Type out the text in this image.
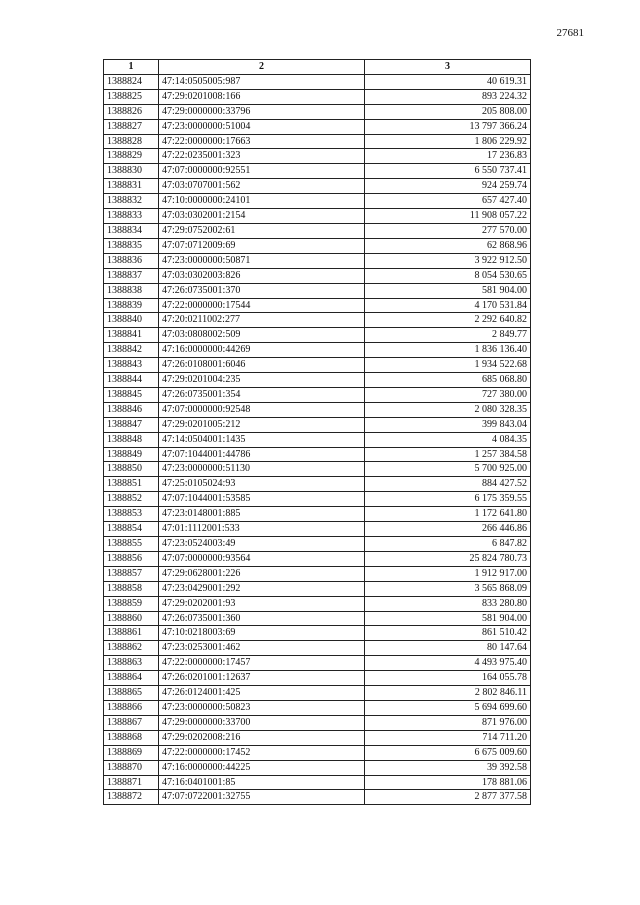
27681
1	2	3
1388824	47:14:0505005:987	40 619.31
1388825	47:29:0201008:166	893 224.32
1388826	47:29:0000000:33796	205 808.00
1388827	47:23:0000000:51004	13 797 366.24
1388828	47:22:0000000:17663	1 806 229.92
1388829	47:22:0235001:323	17 236.83
1388830	47:07:0000000:92551	6 550 737.41
1388831	47:03:0707001:562	924 259.74
1388832	47:10:0000000:24101	657 427.40
1388833	47:03:0302001:2154	11 908 057.22
1388834	47:29:0752002:61	277 570.00
1388835	47:07:0712009:69	62 868.96
1388836	47:23:0000000:50871	3 922 912.50
1388837	47:03:0302003:826	8 054 530.65
1388838	47:26:0735001:370	581 904.00
1388839	47:22:0000000:17544	4 170 531.84
1388840	47:20:0211002:277	2 292 640.82
1388841	47:03:0808002:509	2 849.77
1388842	47:16:0000000:44269	1 836 136.40
1388843	47:26:0108001:6046	1 934 522.68
1388844	47:29:0201004:235	685 068.80
1388845	47:26:0735001:354	727 380.00
1388846	47:07:0000000:92548	2 080 328.35
1388847	47:29:0201005:212	399 843.04
1388848	47:14:0504001:1435	4 084.35
1388849	47:07:1044001:44786	1 257 384.58
1388850	47:23:0000000:51130	5 700 925.00
1388851	47:25:0105024:93	884 427.52
1388852	47:07:1044001:53585	6 175 359.55
1388853	47:23:0148001:885	1 172 641.80
1388854	47:01:1112001:533	266 446.86
1388855	47:23:0524003:49	6 847.82
1388856	47:07:0000000:93564	25 824 780.73
1388857	47:29:0628001:226	1 912 917.00
1388858	47:23:0429001:292	3 565 868.09
1388859	47:29:0202001:93	833 280.80
1388860	47:26:0735001:360	581 904.00
1388861	47:10:0218003:69	861 510.42
1388862	47:23:0253001:462	80 147.64
1388863	47:22:0000000:17457	4 493 975.40
1388864	47:26:0201001:12637	164 055.78
1388865	47:26:0124001:425	2 802 846.11
1388866	47:23:0000000:50823	5 694 699.60
1388867	47:29:0000000:33700	871 976.00
1388868	47:29:0202008:216	714 711.20
1388869	47:22:0000000:17452	6 675 009.60
1388870	47:16:0000000:44225	39 392.58
1388871	47:16:0401001:85	178 881.06
1388872	47:07:0722001:32755	2 877 377.58
